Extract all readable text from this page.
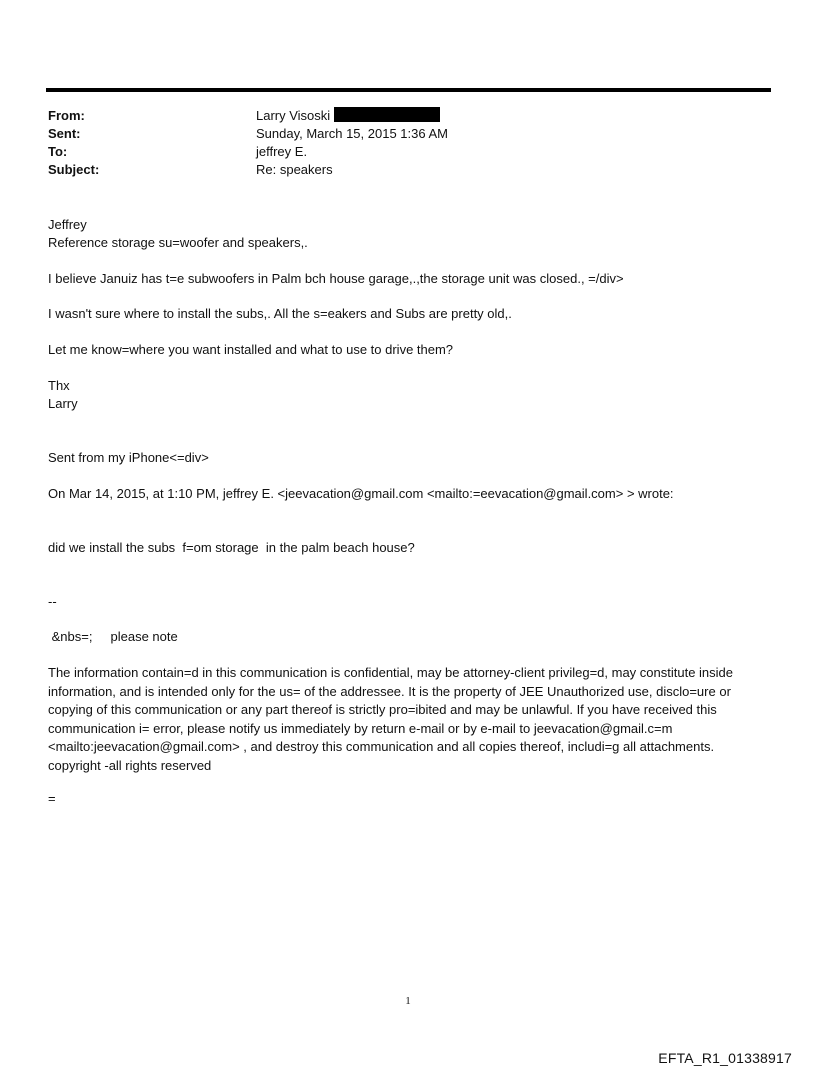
From:	Larry Visoski
Sent:	Sunday, March 15, 2015 1:36 AM
To:	jeffrey E.
Subject:	Re: speakers
Jeffrey
Reference storage su=woofer and speakers,.
I believe Januiz has t=e subwoofers in Palm bch house garage,.,the storage unit was closed., =/div>
I wasn't sure where to install the subs,. All the s=eakers and Subs are pretty old,.
Let me know=where you want installed and what to use to drive them?
Thx
Larry
Sent from my iPhone<=div>
On Mar 14, 2015, at 1:10 PM, jeffrey E. <jeevacation@gmail.com <mailto:=eevacation@gmail.com> > wrote:
did we install the subs  f=om storage  in the palm beach house?
--
&nbs=;     please note
The information contain=d in this communication is confidential, may be attorney-client privileg=d, may constitute inside information, and is intended only for the us= of the addressee. It is the property of JEE Unauthorized use, disclo=ure or copying of this communication or any part thereof is strictly pro=ibited and may be unlawful. If you have received this communication i= error, please notify us immediately by return e-mail or by e-mail to jeevacation@gmail.c=m <mailto:jeevacation@gmail.com> , and destroy this communication and all copies thereof, includi=g all attachments. copyright -all rights reserved
=
1
EFTA_R1_01338917
